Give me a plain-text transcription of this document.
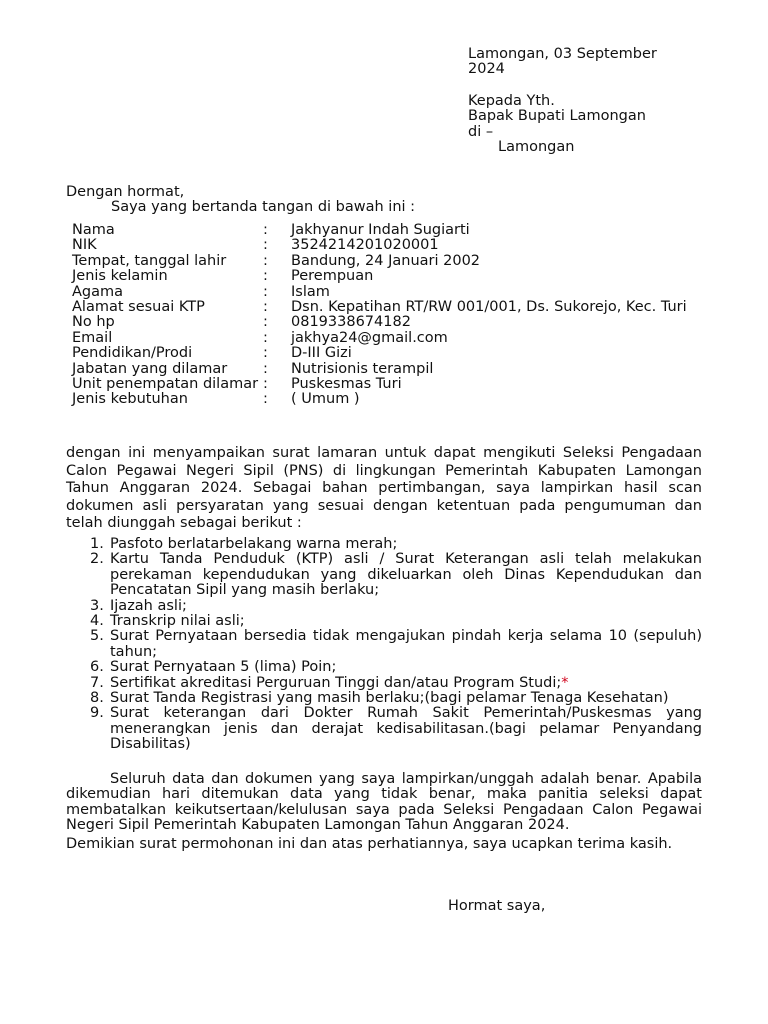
Lamongan, 03 September 2024

Kepada Yth.
Bapak Bupati Lamongan
di –
Lamongan

Dengan hormat,

Saya yang bertanda tangan di bawah ini :

Nama	:	Jakhyanur Indah Sugiarti
NIK	:	3524214201020001
Tempat, tanggal lahir	:	Bandung, 24 Januari 2002
Jenis kelamin	:	Perempuan
Agama	:	Islam
Alamat sesuai KTP	:	Dsn. Kepatihan RT/RW 001/001, Ds. Sukorejo, Kec. Turi
No hp	:	0819338674182
Email	:	jakhya24@gmail.com
Pendidikan/Prodi	:	D-III Gizi
Jabatan yang dilamar	:	Nutrisionis terampil
Unit penempatan dilamar :	Puskesmas Turi
Jenis kebutuhan	:	( Umum )

dengan ini menyampaikan surat lamaran untuk dapat mengikuti Seleksi Pengadaan Calon Pegawai Negeri Sipil (PNS) di lingkungan Pemerintah Kabupaten Lamongan Tahun Anggaran 2024. Sebagai bahan pertimbangan, saya lampirkan hasil scan dokumen asli persyaratan yang sesuai dengan ketentuan pada pengumuman dan telah diunggah sebagai berikut :

1. Pasfoto berlatarbelakang warna merah;
2. Kartu Tanda Penduduk (KTP) asli / Surat Keterangan asli telah melakukan perekaman kependudukan yang dikeluarkan oleh Dinas Kependudukan dan Pencatatan Sipil yang masih berlaku;
3. Ijazah asli;
4. Transkrip nilai asli;
5. Surat Pernyataan bersedia tidak mengajukan pindah kerja selama 10 (sepuluh) tahun;
6. Surat Pernyataan 5 (lima) Poin;
7. Sertifikat akreditasi Perguruan Tinggi dan/atau Program Studi;*
8. Surat Tanda Registrasi yang masih berlaku;(bagi pelamar Tenaga Kesehatan)
9. Surat keterangan dari Dokter Rumah Sakit Pemerintah/Puskesmas yang menerangkan jenis dan derajat kedisabilitasan.(bagi pelamar Penyandang Disabilitas)

Seluruh data dan dokumen yang saya lampirkan/unggah adalah benar. Apabila dikemudian hari ditemukan data yang tidak benar, maka panitia seleksi dapat membatalkan keikutsertaan/kelulusan saya pada Seleksi Pengadaan Calon Pegawai Negeri Sipil Pemerintah Kabupaten Lamongan Tahun Anggaran 2024.

Demikian surat permohonan ini dan atas perhatiannya, saya ucapkan terima kasih.

Hormat saya,
